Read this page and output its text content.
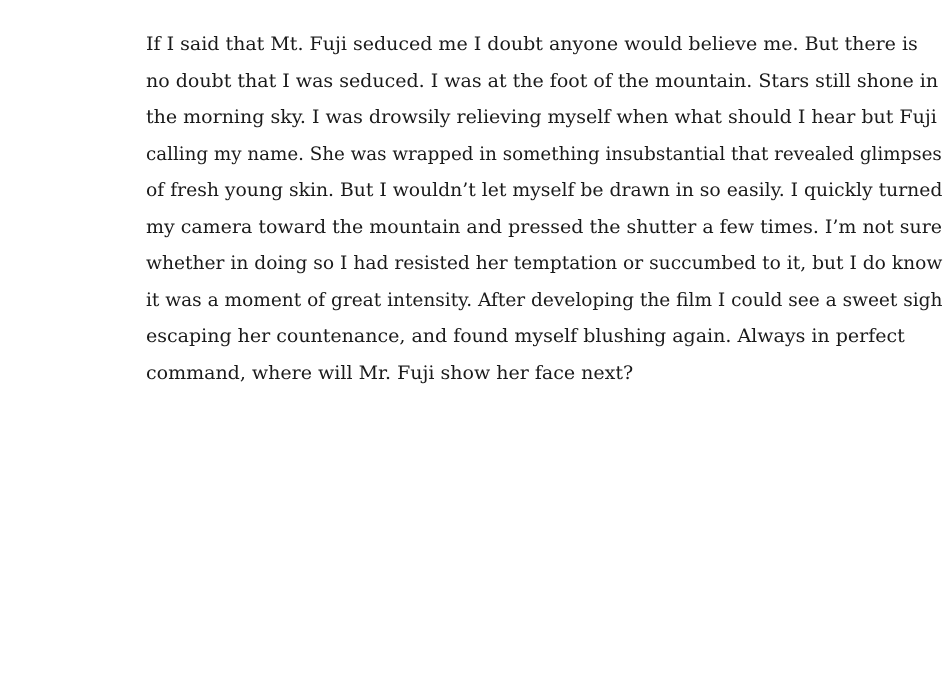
If I said that Mt. Fuji seduced me I doubt anyone would believe me. But there is
no doubt that I was seduced. I was at the foot of the mountain. Stars still shone in
the morning sky. I was drowsily relieving myself when what should I hear but Fuji
calling my name. She was wrapped in something insubstantial that revealed glimpses
of fresh young skin. But I wouldn’t let myself be drawn in so easily. I quickly turned
my camera toward the mountain and pressed the shutter a few times. I’m not sure
whether in doing so I had resisted her temptation or succumbed to it, but I do know
it was a moment of great intensity. After developing the film I could see a sweet sigh
escaping her countenance, and found myself blushing again. Always in perfect
command, where will Mr. Fuji show her face next?
